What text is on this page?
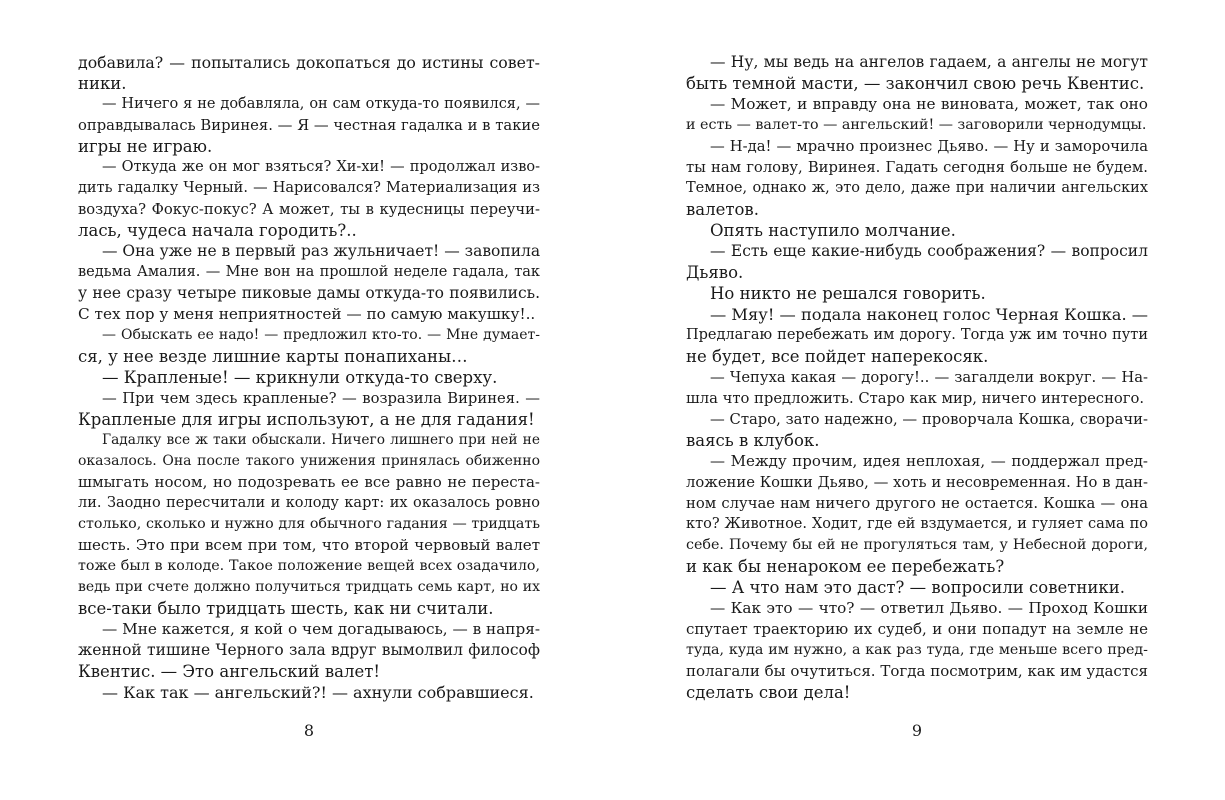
добавила? — попытались докопаться до истины совет-
ники.
— Ничего я не добавляла, он сам откуда-то появился, —
оправдывалась Виринея. — Я — честная гадалка и в такие
игры не играю.
— Откуда же он мог взяться? Хи-хи! — продолжал изво-
дить гадалку Черный. — Нарисовался? Материализация из
воздуха? Фокус-покус? А может, ты в кудесницы переучи-
лась, чудеса начала городить?..
— Она уже не в первый раз жульничает! — завопила
ведьма Амалия. — Мне вон на прошлой неделе гадала, так
у нее сразу четыре пиковые дамы откуда-то появились.
С тех пор у меня неприятностей — по самую макушку!..
— Обыскать ее надо! — предложил кто-то. — Мне думает-
ся, у нее везде лишние карты понапиханы…
— Крапленые! — крикнули откуда-то сверху.
— При чем здесь крапленые? — возразила Виринея. —
Крапленые для игры используют, а не для гадания!
Гадалку все ж таки обыскали. Ничего лишнего при ней не
оказалось. Она после такого унижения принялась обиженно
шмыгать носом, но подозревать ее все равно не переста-
ли. Заодно пересчитали и колоду карт: их оказалось ровно
столько, сколько и нужно для обычного гадания — тридцать
шесть. Это при всем при том, что второй червовый валет
тоже был в колоде. Такое положение вещей всех озадачило,
ведь при счете должно получиться тридцать семь карт, но их
все-таки было тридцать шесть, как ни считали.
— Мне кажется, я кой о чем догадываюсь, — в напря-
женной тишине Черного зала вдруг вымолвил философ
Квентис. — Это ангельский валет!
— Как так — ангельский?! — ахнули собравшиеся.
— Ну, мы ведь на ангелов гадаем, а ангелы не могут
быть темной масти, — закончил свою речь Квентис.
— Может, и вправду она не виновата, может, так оно
и есть — валет-то — ангельский! — заговорили чернодумцы.
— Н-да! — мрачно произнес Дьяво. — Ну и заморочила
ты нам голову, Виринея. Гадать сегодня больше не будем.
Темное, однако ж, это дело, даже при наличии ангельских
валетов.
Опять наступило молчание.
— Есть еще какие-нибудь соображения? — вопросил
Дьяво.
Но никто не решался говорить.
— Мяу! — подала наконец голос Черная Кошка. —
Предлагаю перебежать им дорогу. Тогда уж им точно пути
не будет, все пойдет наперекосяк.
— Чепуха какая — дорогу!.. — загалдели вокруг. — На-
шла что предложить. Старо как мир, ничего интересного.
— Старо, зато надежно, — проворчала Кошка, сворачи-
ваясь в клубок.
— Между прочим, идея неплохая, — поддержал пред-
ложение Кошки Дьяво, — хоть и несовременная. Но в дан-
ном случае нам ничего другого не остается. Кошка — она
кто? Животное. Ходит, где ей вздумается, и гуляет сама по
себе. Почему бы ей не прогуляться там, у Небесной дороги,
и как бы ненароком ее перебежать?
— А что нам это даст? — вопросили советники.
— Как это — что? — ответил Дьяво. — Проход Кошки
спутает траекторию их судеб, и они попадут на земле не
туда, куда им нужно, а как раз туда, где меньше всего пред-
полагали бы очутиться. Тогда посмотрим, как им удастся
сделать свои дела!
8	9
